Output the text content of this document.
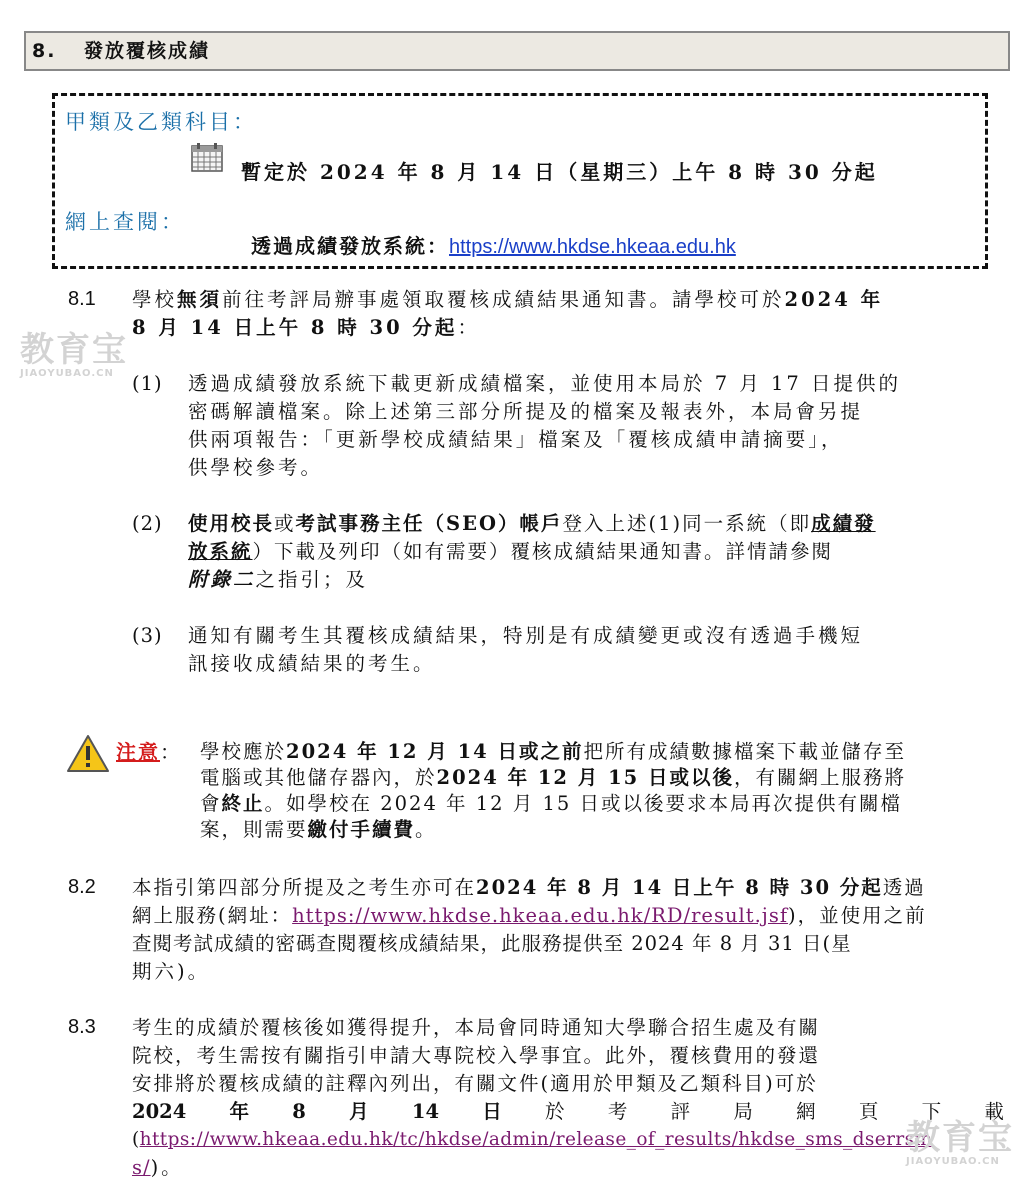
8. 發放覆核成績
甲類及乙類科目：
暫定於 2024 年 8 月 14 日（星期三）上午 8 時 30 分起
網上查閱：
透過成績發放系統：https://www.hkdse.hkeaa.edu.hk
8.1 學校無須前往考評局辦事處領取覆核成績結果通知書。請學校可於2024 年
8 月 14 日上午 8 時 30 分起：
(1) 透過成績發放系統下載更新成績檔案，並使用本局於 7 月 17 日提供的
密碼解讀檔案。除上述第三部分所提及的檔案及報表外，本局會另提
供兩項報告：「更新學校成績結果」檔案及「覆核成績申請摘要」，
供學校參考。
(2) 使用校長或考試事務主任（SEO）帳戶登入上述(1)同一系統（即成績發
放系統）下載及列印（如有需要）覆核成績結果通知書。詳情請參閱
附錄二之指引；及
(3) 通知有關考生其覆核成績結果，特別是有成績變更或沒有透過手機短
訊接收成績結果的考生。
注意： 學校應於2024 年 12 月 14 日或之前把所有成績數據檔案下載並儲存至
電腦或其他儲存器內，於2024 年 12 月 15 日或以後，有關網上服務將
會終止。如學校在 2024 年 12 月 15 日或以後要求本局再次提供有關檔
案，則需要繳付手續費。
8.2 本指引第四部分所提及之考生亦可在2024 年 8 月 14 日上午 8 時 30 分起透過
網上服務(網址：https://www.hkdse.hkeaa.edu.hk/RD/result.jsf)，並使用之前
查閱考試成績的密碼查閱覆核成績結果，此服務提供至 2024 年 8 月 31 日(星
期六)。
8.3 考生的成績於覆核後如獲得提升，本局會同時通知大學聯合招生處及有關
院校，考生需按有關指引申請大專院校入學事宜。此外，覆核費用的發還
安排將於覆核成績的註釋內列出，有關文件(適用於甲類及乙類科目)可於
2024 年 8 月 14 日 於 考 評 局 網 頁 下 載
(https://www.hkeaa.edu.hk/tc/hkdse/admin/release_of_results/hkdse_sms_dserrsm
s/)。
教育宝
JIAOYUBAO.CN
教育宝
JIAOYUBAO.CN
